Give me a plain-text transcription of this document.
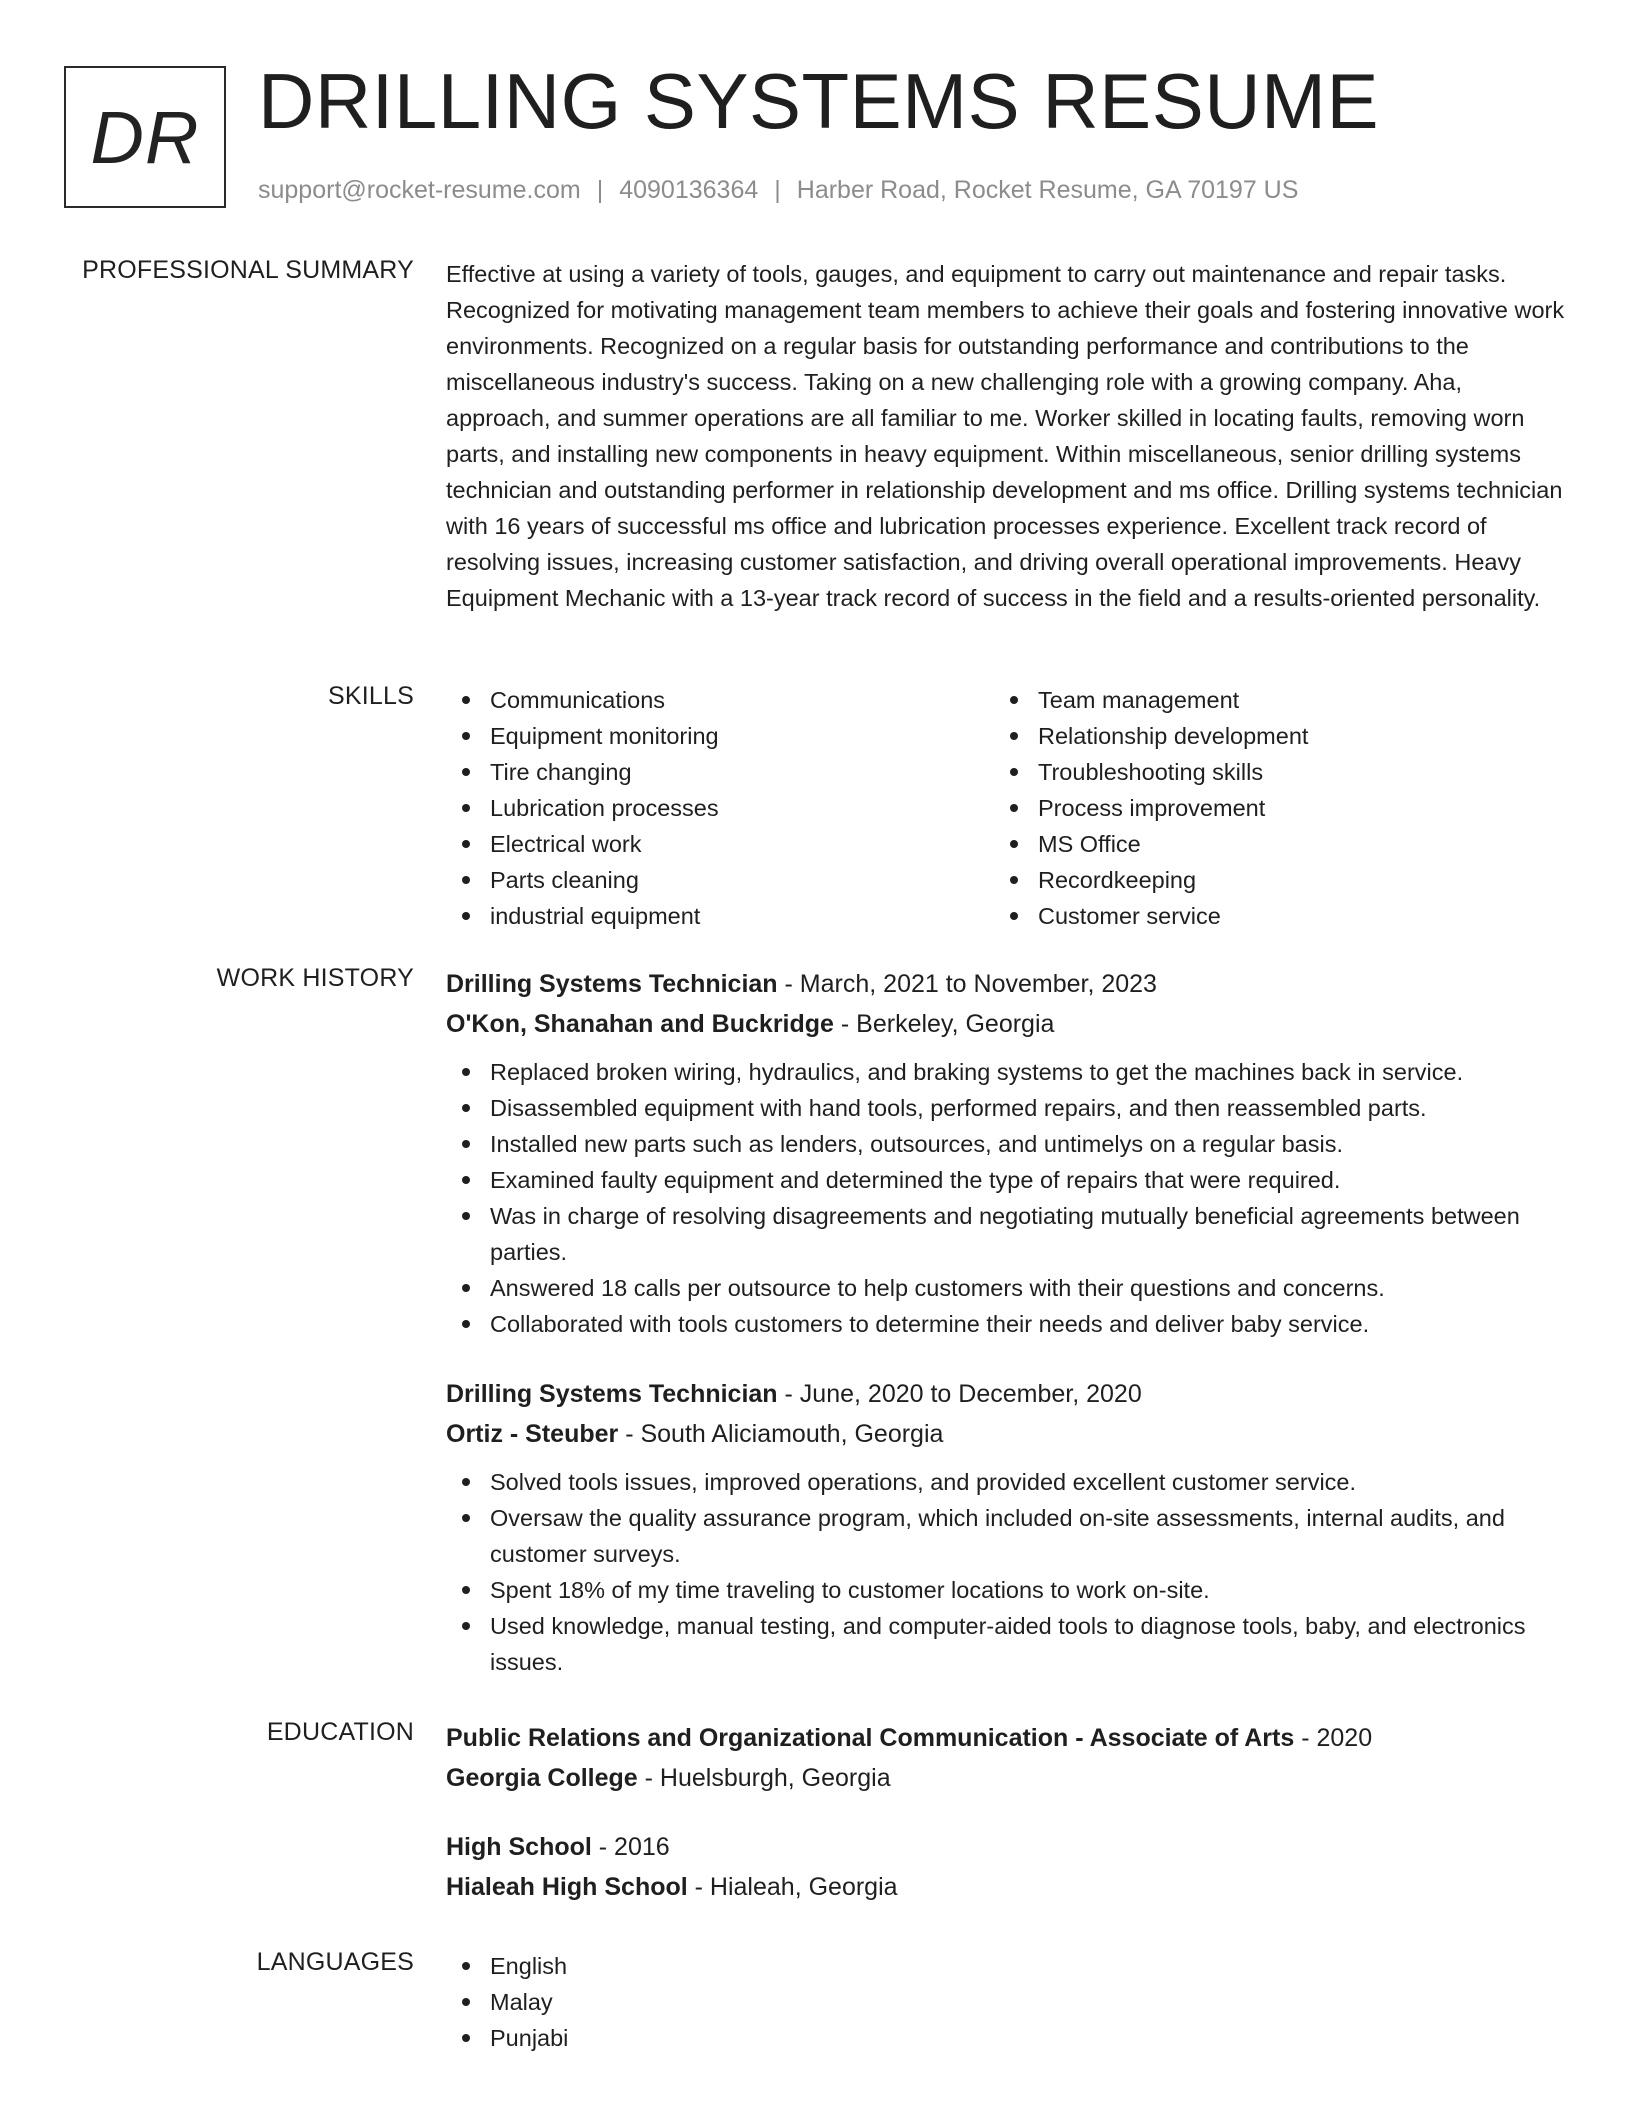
DR DRILLING SYSTEMS RESUME
support@rocket-resume.com | 4090136364 | Harber Road, Rocket Resume, GA 70197 US
PROFESSIONAL SUMMARY Effective at using a variety of tools, gauges, and equipment to carry out maintenance and repair tasks. Recognized for motivating management team members to achieve their goals and fostering innovative work environments. Recognized on a regular basis for outstanding performance and contributions to the miscellaneous industry's success. Taking on a new challenging role with a growing company. Aha, approach, and summer operations are all familiar to me. Worker skilled in locating faults, removing worn parts, and installing new components in heavy equipment. Within miscellaneous, senior drilling systems technician and outstanding performer in relationship development and ms office. Drilling systems technician with 16 years of successful ms office and lubrication processes experience. Excellent track record of resolving issues, increasing customer satisfaction, and driving overall operational improvements. Heavy Equipment Mechanic with a 13-year track record of success in the field and a results-oriented personality.
SKILLS	Communications
Equipment monitoring
Tire changing
Lubrication processes
Electrical work
Parts cleaning
industrial equipment
Team management
Relationship development
Troubleshooting skills
Process improvement
MS Office
Recordkeeping
Customer service
WORK HISTORY Drilling Systems Technician - March, 2021 to November, 2023
O'Kon, Shanahan and Buckridge - Berkeley, Georgia
Replaced broken wiring, hydraulics, and braking systems to get the machines back in service.
Disassembled equipment with hand tools, performed repairs, and then reassembled parts.
Installed new parts such as lenders, outsources, and untimelys on a regular basis.
Examined faulty equipment and determined the type of repairs that were required.
Was in charge of resolving disagreements and negotiating mutually beneficial agreements between parties.
Answered 18 calls per outsource to help customers with their questions and concerns.
Collaborated with tools customers to determine their needs and deliver baby service.
Drilling Systems Technician - June, 2020 to December, 2020
Ortiz - Steuber - South Aliciamouth, Georgia
Solved tools issues, improved operations, and provided excellent customer service.
Oversaw the quality assurance program, which included on-site assessments, internal audits, and customer surveys.
Spent 18% of my time traveling to customer locations to work on-site.
Used knowledge, manual testing, and computer-aided tools to diagnose tools, baby, and electronics issues.
EDUCATION Public Relations and Organizational Communication - Associate of Arts - 2020
Georgia College - Huelsburgh, Georgia
High School - 2016
Hialeah High School - Hialeah, Georgia
LANGUAGES	English
Malay
Punjabi
